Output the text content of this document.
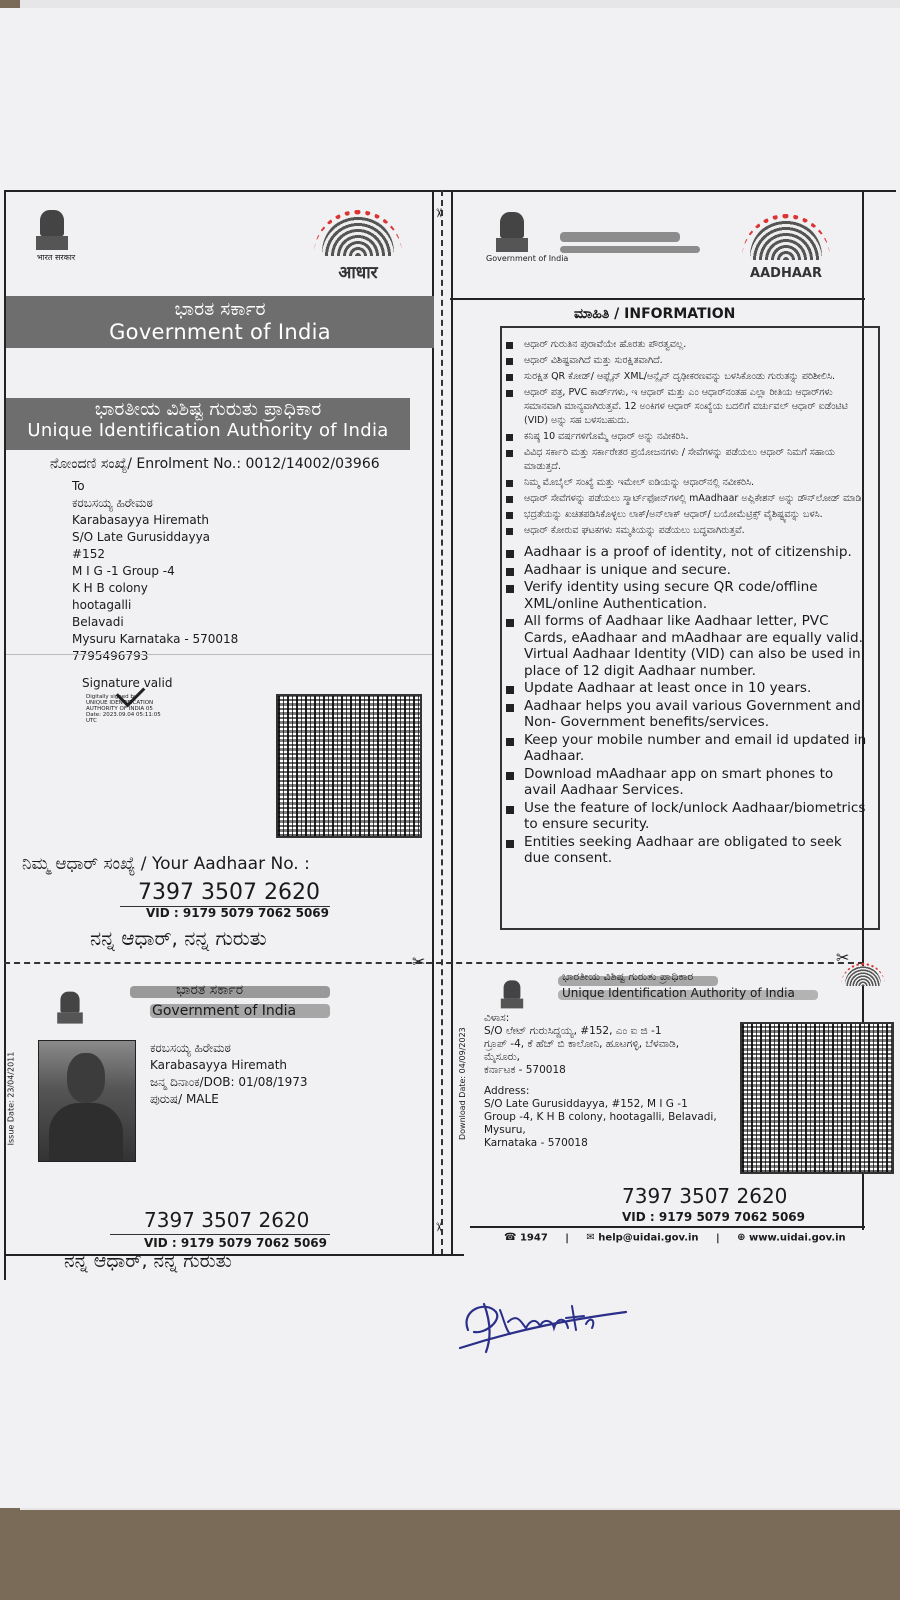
भारत सरकार
आधार
ಭಾರತ ಸರ್ಕಾರ
Government of India
ಭಾರತೀಯ ವಿಶಿಷ್ಟ ಗುರುತು ಪ್ರಾಧಿಕಾರ
Unique Identification Authority of India
ನೋಂದಣಿ ಸಂಖ್ಯೆ/ Enrolment No.: 0012/14002/03966
To
ಕರಬಸಯ್ಯ ಹಿರೇಮಠ
Karabasayya Hiremath
S/O Late Gurusiddayya
#152
M I G -1 Group -4
K H B colony
hootagalli
Belavadi
Mysuru Karnataka - 570018
7795496793
Signature valid
Digitally signed by
UNIQUE IDENTIFICATION
AUTHORITY OF INDIA 05
Date: 2023.09.04 05:11:05
UTC
ನಿಮ್ಮ ಆಧಾರ್ ಸಂಖ್ಯೆ / Your Aadhaar No. :
7397 3507 2620
VID : 9179 5079 7062 5069
ನನ್ನ ಆಧಾರ್, ನನ್ನ ಗುರುತು
Government of India
AADHAAR
ಮಾಹಿತಿ / INFORMATION
ಆಧಾರ್ ಗುರುತಿನ ಪುರಾವೆಯೇ ಹೊರತು ಪೌರತ್ವವಲ್ಲ.
ಆಧಾರ್ ವಿಶಿಷ್ಟವಾಗಿದೆ ಮತ್ತು ಸುರಕ್ಷಿತವಾಗಿದೆ.
ಸುರಕ್ಷಿತ QR ಕೋಡ್/ ಆಫ್ಲೈನ್ XML/ಆನ್ಲೈನ್ ದೃಢೀಕರಣವನ್ನು ಬಳಸಿಕೊಂಡು ಗುರುತನ್ನು ಪರಿಶೀಲಿಸಿ.
ಆಧಾರ್ ಪತ್ರ, PVC ಕಾರ್ಡ್‌ಗಳು, ಇ ಆಧಾರ್ ಮತ್ತು ಎಂ ಆಧಾರ್‌ನಂತಹ ಎಲ್ಲಾ ರೀತಿಯ ಆಧಾರ್‌ಗಳು ಸಮಾನವಾಗಿ ಮಾನ್ಯವಾಗಿರುತ್ತವೆ. 12 ಅಂಕಿಗಳ ಆಧಾರ್ ಸಂಖ್ಯೆಯ ಬದಲಿಗೆ ವರ್ಚುವಲ್ ಆಧಾರ್ ಐಡೆಂಟಿಟಿ (VID) ಅನ್ನು ಸಹ ಬಳಸಬಹುದು.
ಕನಿಷ್ಠ 10 ವರ್ಷಗಳಿಗೊಮ್ಮೆ ಆಧಾರ್ ಅನ್ನು ನವೀಕರಿಸಿ.
ವಿವಿಧ ಸರ್ಕಾರಿ ಮತ್ತು ಸರ್ಕಾರೇತರ ಪ್ರಯೋಜನಗಳು / ಸೇವೆಗಳನ್ನು ಪಡೆಯಲು ಆಧಾರ್ ನಿಮಗೆ ಸಹಾಯ ಮಾಡುತ್ತದೆ.
ನಿಮ್ಮ ಮೊಬೈಲ್ ಸಂಖ್ಯೆ ಮತ್ತು ಇಮೇಲ್ ಐಡಿಯನ್ನು ಆಧಾರ್‌ನಲ್ಲಿ ನವೀಕರಿಸಿ.
ಆಧಾರ್ ಸೇವೆಗಳನ್ನು ಪಡೆಯಲು ಸ್ಮಾರ್ಟ್‌ಫೋನ್‌ಗಳಲ್ಲಿ mAadhaar ಅಪ್ಲಿಕೇಶನ್ ಅನ್ನು ಡೌನ್‌ಲೋಡ್ ಮಾಡಿ.
ಭದ್ರತೆಯನ್ನು ಖಚಿತಪಡಿಸಿಕೊಳ್ಳಲು ಲಾಕ್/ಅನ್‌ಲಾಕ್ ಆಧಾರ್/ ಬಯೋಮೆಟ್ರಿಕ್ಸ್ ವೈಶಿಷ್ಟ್ಯವನ್ನು ಬಳಸಿ.
ಆಧಾರ್ ಕೋರುವ ಘಟಕಗಳು ಸಮ್ಮತಿಯನ್ನು ಪಡೆಯಲು ಬದ್ಧವಾಗಿರುತ್ತವೆ.
Aadhaar is a proof of identity, not of citizenship.
Aadhaar is unique and secure.
Verify identity using secure QR code/offline XML/online Authentication.
All forms of Aadhaar like Aadhaar letter, PVC Cards, eAadhaar and mAadhaar are equally valid. Virtual Aadhaar Identity (VID) can also be used in place of 12 digit Aadhaar number.
Update Aadhaar at least once in 10 years.
Aadhaar helps you avail various Government and Non- Government benefits/services.
Keep your mobile number and email id updated in Aadhaar.
Download mAadhaar app on smart phones to avail Aadhaar Services.
Use the feature of lock/unlock Aadhaar/biometrics to ensure security.
Entities seeking Aadhaar are obligated to seek due consent.
✂	✂
✂
✂
ಭಾರತ ಸರ್ಕಾರ
Government of India
ಕರಬಸಯ್ಯ ಹಿರೇಮಠ
Karabasayya Hiremath
ಜನ್ಮ ದಿನಾಂಕ/DOB: 01/08/1973
ಪುರುಷ/ MALE
Issue Date: 23/04/2011
7397 3507 2620
VID : 9179 5079 7062 5069
ನನ್ನ ಆಧಾರ್, ನನ್ನ ಗುರುತು
ಭಾರತೀಯ ವಿಶಿಷ್ಟ ಗುರುತು ಪ್ರಾಧಿಕಾರ
Unique Identification Authority of India
Download Date: 04/09/2023
ವಿಳಾಸ:
S/O ಲೇಟ್ ಗುರುಸಿದ್ದಯ್ಯ, #152, ಎಂ ಐ ಜಿ -1
ಗ್ರೂಪ್ -4, ಕೆ ಹೆಚ್ ಬಿ ಕಾಲೋನಿ, ಹೂಟಗಳ್ಳಿ, ಬೆಳವಾಡಿ,
ಮೈಸೂರು,
ಕರ್ನಾಟಕ - 570018
Address:
S/O Late Gurusiddayya, #152, M I G -1
Group -4, K H B colony, hootagalli, Belavadi,
Mysuru,
Karnataka - 570018
7397 3507 2620
VID : 9179 5079 7062 5069
☎ 1947 | ✉ help@uidai.gov.in | ⊕ www.uidai.gov.in
